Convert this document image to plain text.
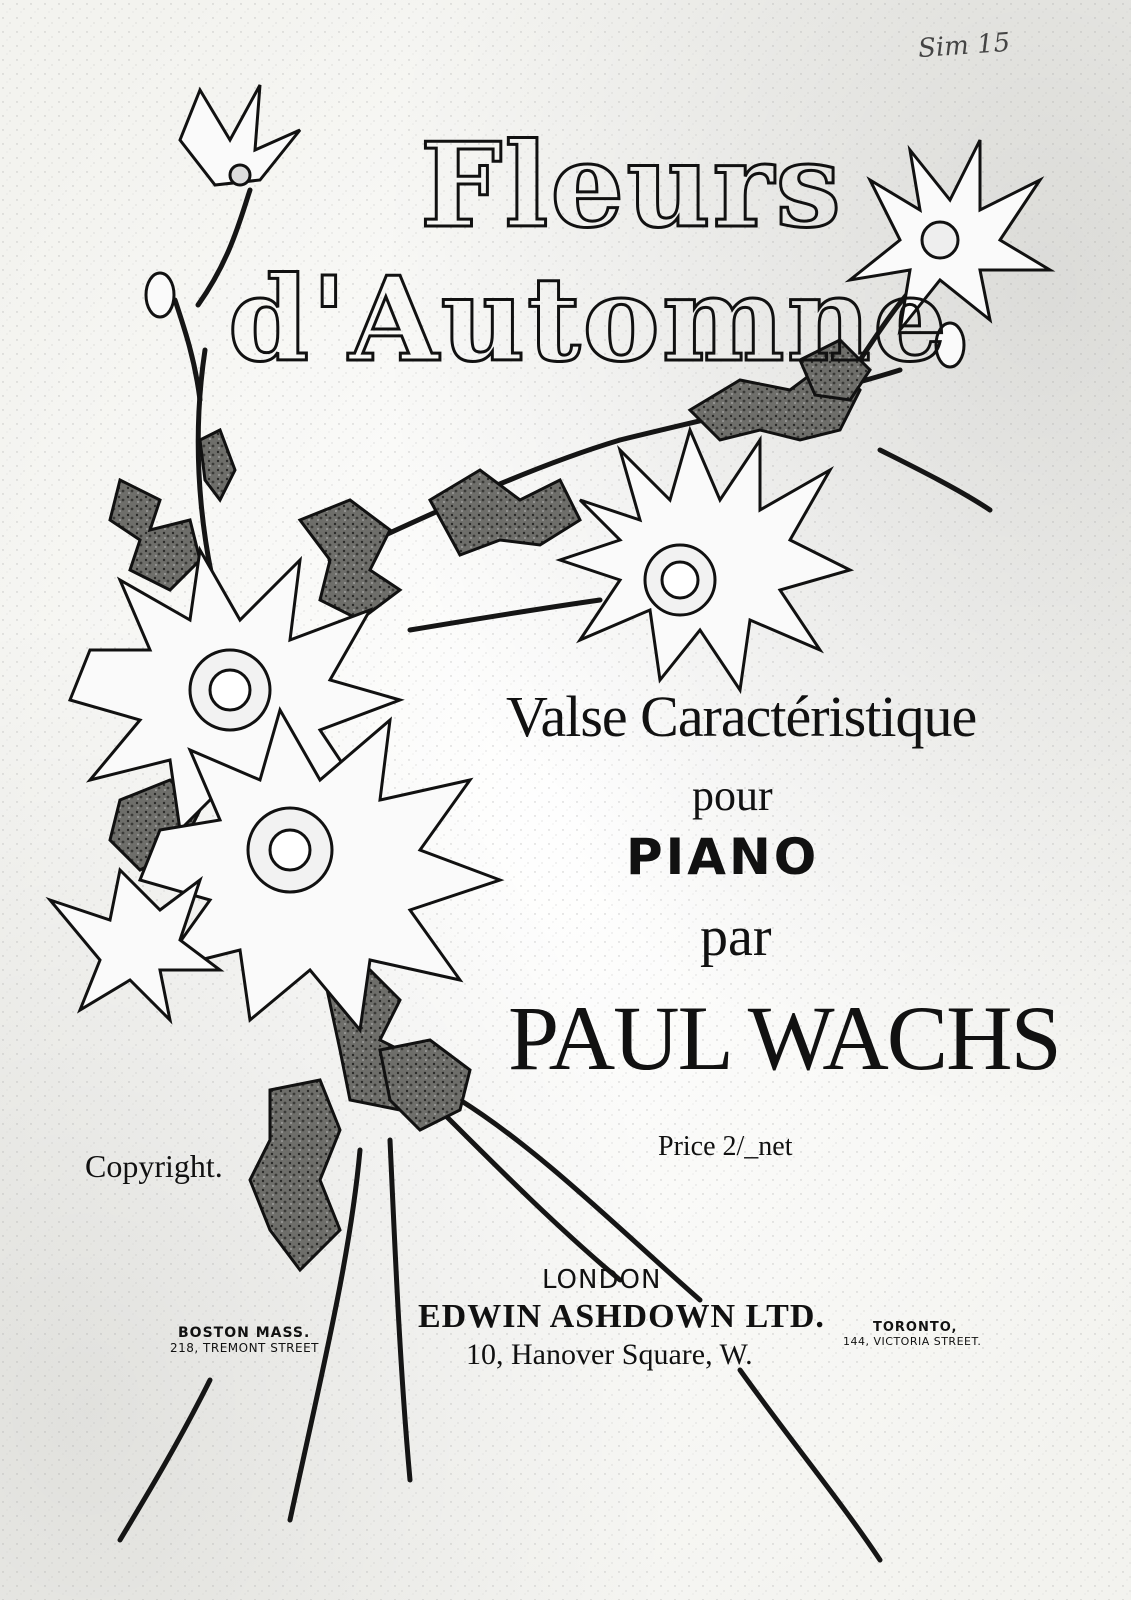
Sim 15
Fleurs
d'Automne
Valse Caractéristique
pour
PIANO
par
PAUL WACHS
Copyright.
Price 2/_net
LONDON
EDWIN ASHDOWN LTD.
10, Hanover Square, W.
BOSTON MASS.
218, TREMONT STREET
TORONTO,
144, VICTORIA STREET.
